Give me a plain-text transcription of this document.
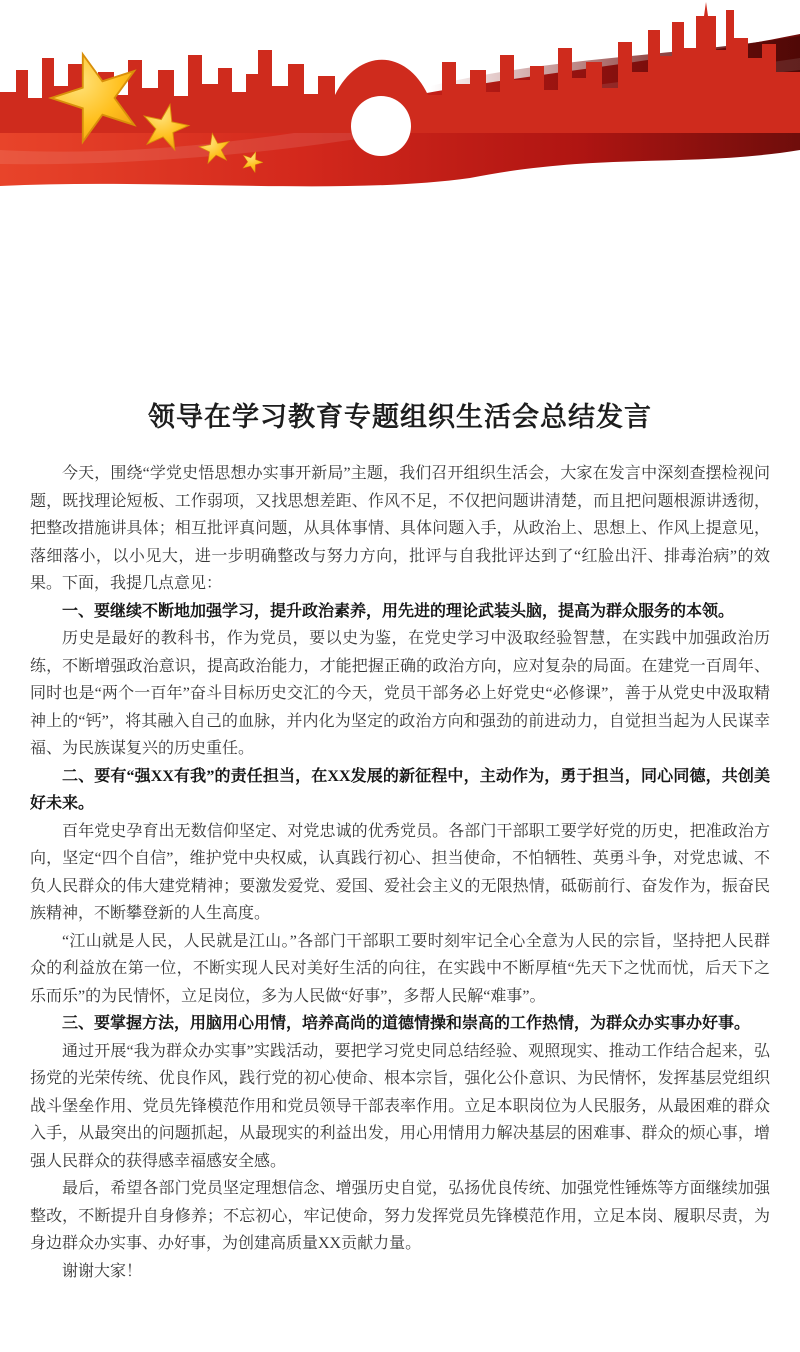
领导在学习教育专题组织生活会总结发言

今天，围绕“学党史悟思想办实事开新局”主题，我们召开组织生活会，大家在发言中深刻查摆检视问题，既找理论短板、工作弱项，又找思想差距、作风不足，不仅把问题讲清楚，而且把问题根源讲透彻，把整改措施讲具体；相互批评真问题，从具体事情、具体问题入手，从政治上、思想上、作风上提意见，落细落小，以小见大，进一步明确整改与努力方向，批评与自我批评达到了“红脸出汗、排毒治病”的效果。下面，我提几点意见：

一、要继续不断地加强学习，提升政治素养，用先进的理论武装头脑，提高为群众服务的本领。

历史是最好的教科书，作为党员，要以史为鉴，在党史学习中汲取经验智慧，在实践中加强政治历练，不断增强政治意识，提高政治能力，才能把握正确的政治方向，应对复杂的局面。在建党一百周年、同时也是“两个一百年”奋斗目标历史交汇的今天，党员干部务必上好党史“必修课”，善于从党史中汲取精神上的“钙”，将其融入自己的血脉，并内化为坚定的政治方向和强劲的前进动力，自觉担当起为人民谋幸福、为民族谋复兴的历史重任。

二、要有“强XX有我”的责任担当，在XX发展的新征程中，主动作为，勇于担当，同心同德，共创美好未来。

百年党史孕育出无数信仰坚定、对党忠诚的优秀党员。各部门干部职工要学好党的历史，把准政治方向，坚定“四个自信”，维护党中央权威，认真践行初心、担当使命，不怕牺牲、英勇斗争，对党忠诚、不负人民群众的伟大建党精神；要激发爱党、爱国、爱社会主义的无限热情，砥砺前行、奋发作为，振奋民族精神，不断攀登新的人生高度。

“江山就是人民，人民就是江山。”各部门干部职工要时刻牢记全心全意为人民的宗旨，坚持把人民群众的利益放在第一位，不断实现人民对美好生活的向往，在实践中不断厚植“先天下之忧而忧，后天下之乐而乐”的为民情怀，立足岗位，多为人民做“好事”，多帮人民解“难事”。

三、要掌握方法，用脑用心用情，培养高尚的道德情操和崇高的工作热情，为群众办实事办好事。

通过开展“我为群众办实事”实践活动，要把学习党史同总结经验、观照现实、推动工作结合起来，弘扬党的光荣传统、优良作风，践行党的初心使命、根本宗旨，强化公仆意识、为民情怀，发挥基层党组织战斗堡垒作用、党员先锋模范作用和党员领导干部表率作用。立足本职岗位为人民服务，从最困难的群众入手，从最突出的问题抓起，从最现实的利益出发，用心用情用力解决基层的困难事、群众的烦心事，增强人民群众的获得感幸福感安全感。

最后，希望各部门党员坚定理想信念、增强历史自觉，弘扬优良传统、加强党性锤炼等方面继续加强整改，不断提升自身修养；不忘初心，牢记使命，努力发挥党员先锋模范作用，立足本岗、履职尽责，为身边群众办实事、办好事，为创建高质量XX贡献力量。

谢谢大家！
